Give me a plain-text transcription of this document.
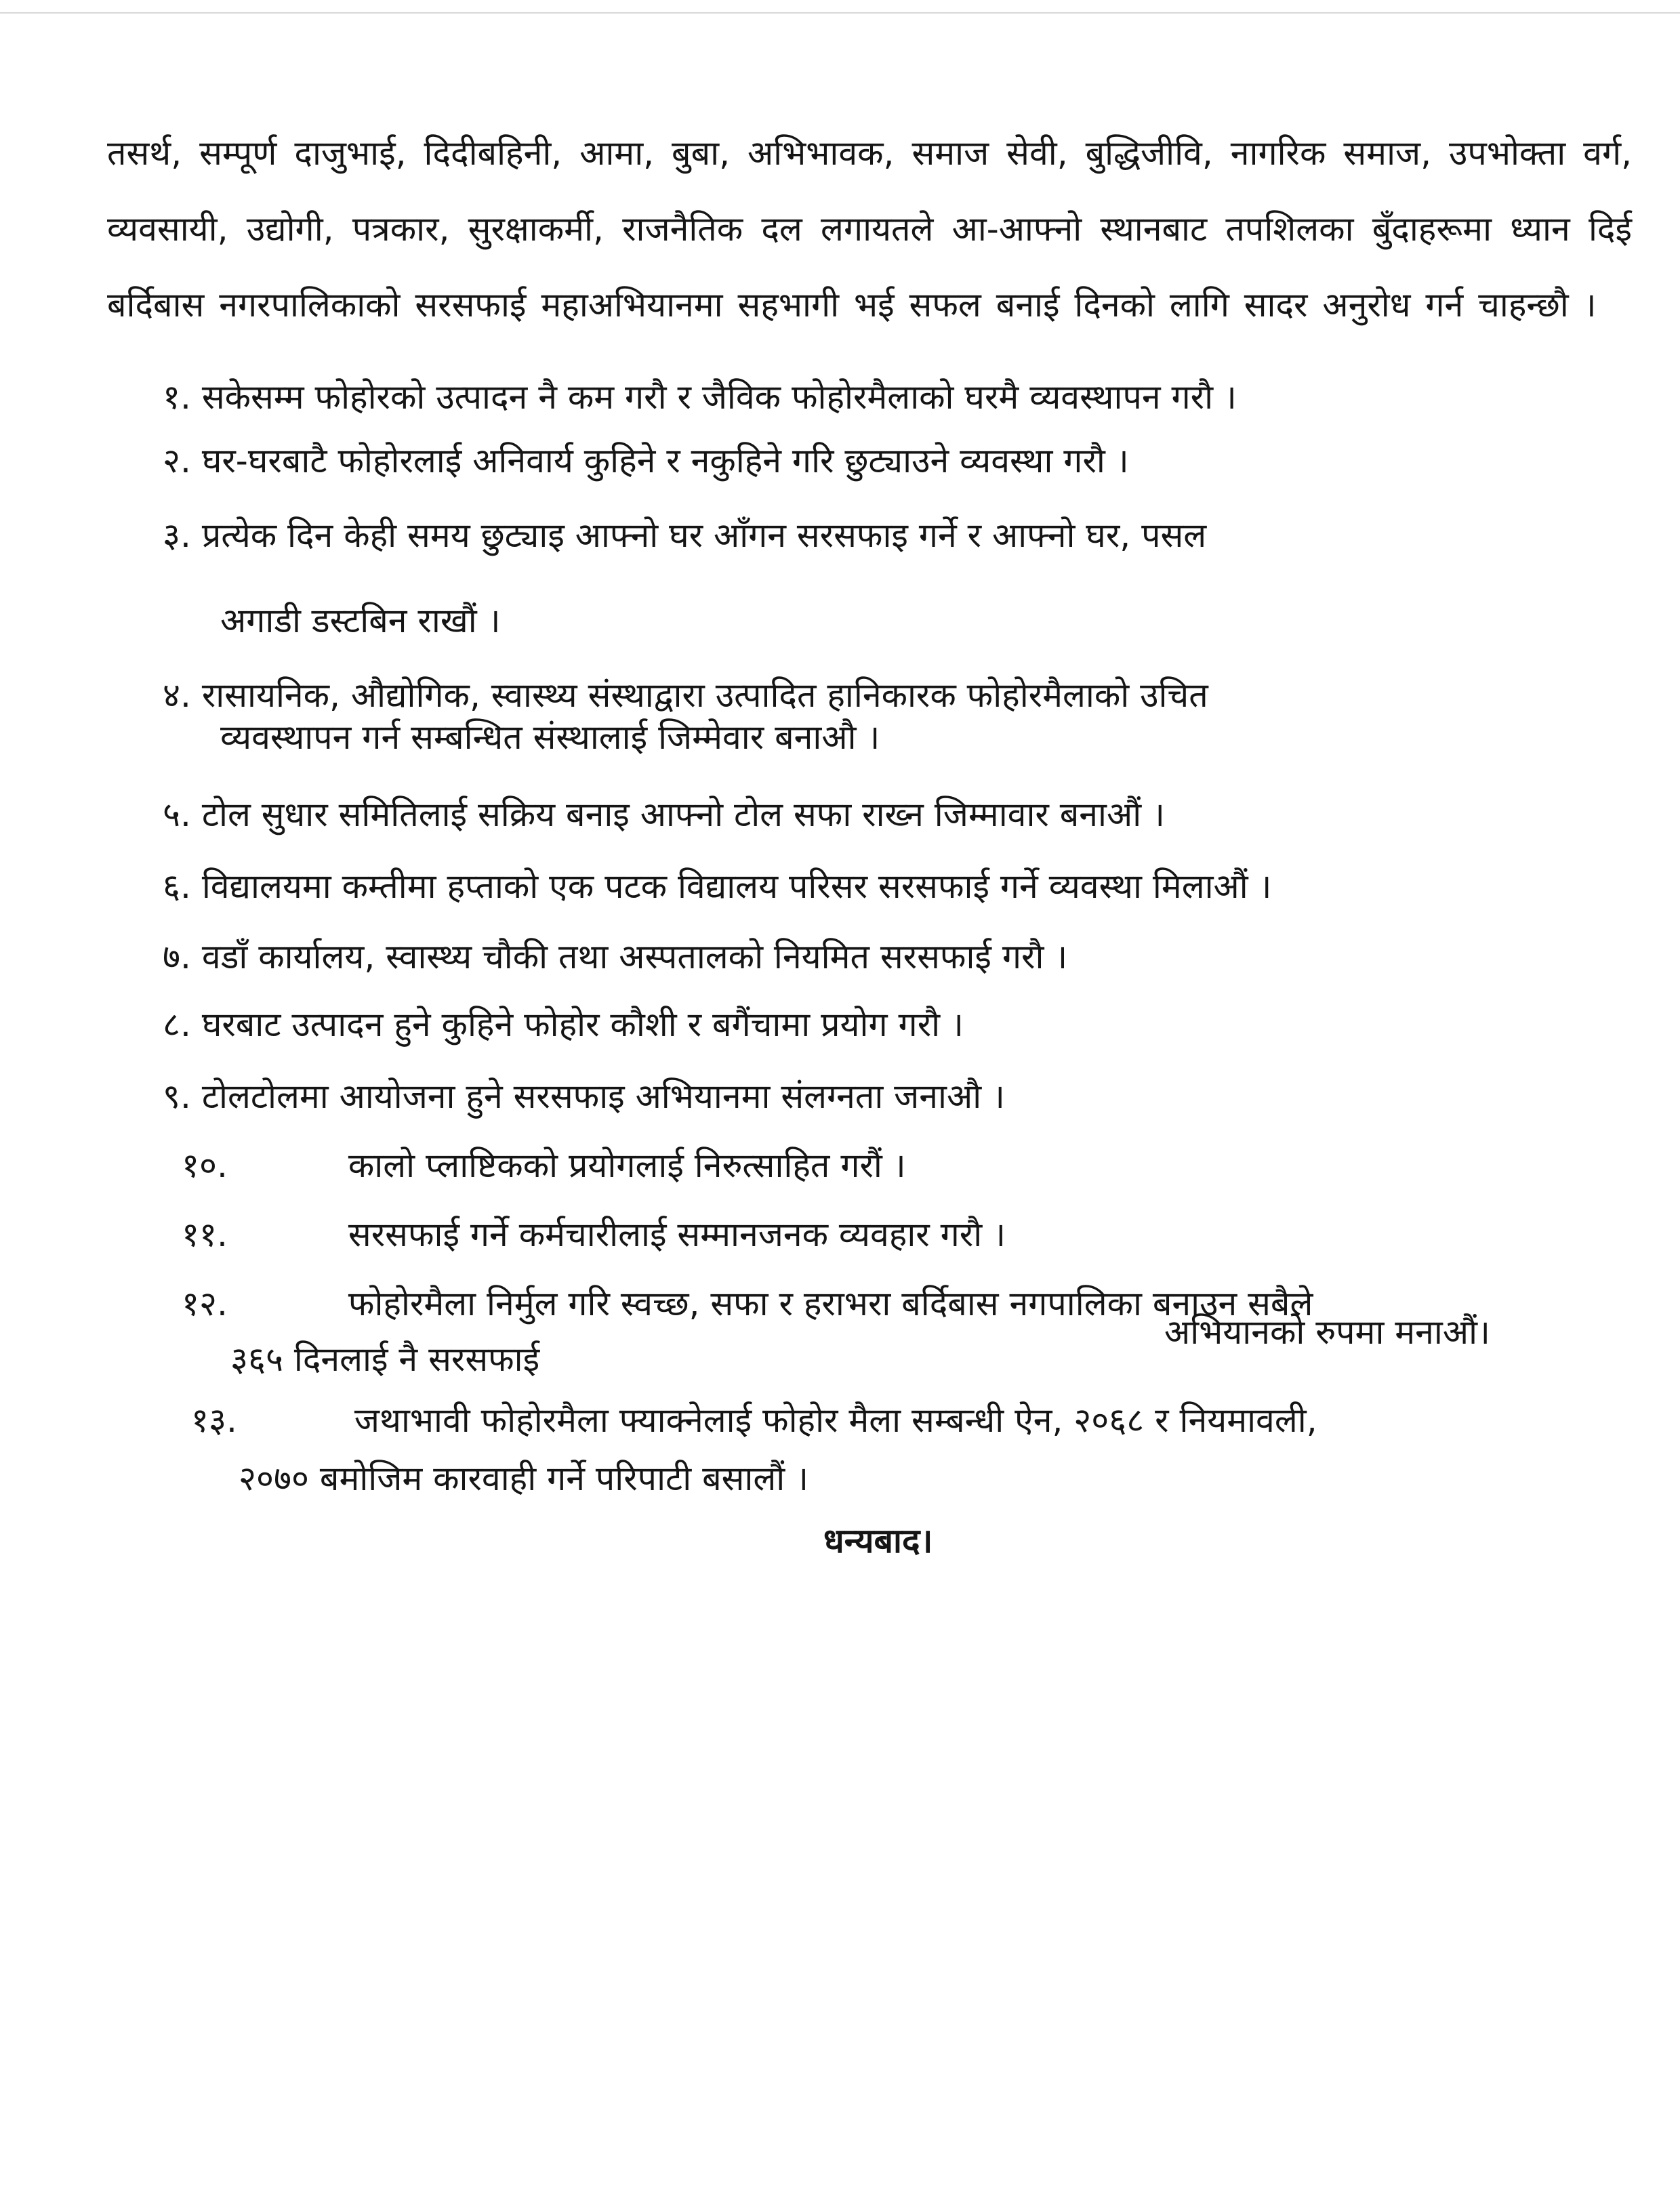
तसर्थ, सम्पूर्ण दाजुभाई, दिदीबहिनी, आमा, बुबा, अभिभावक, समाज सेवी, बुद्धिजीवि, नागरिक समाज, उपभोक्ता वर्ग, व्यवसायी, उद्योगी, पत्रकार, सुरक्षाकर्मी, राजनैतिक दल लगायतले आ-आफ्नो स्थानबाट तपशिलका बुँदाहरूमा ध्यान दिई बर्दिबास नगरपालिकाको सरसफाई महाअभियानमा सहभागी भई सफल बनाई दिनको लागि सादर अनुरोध गर्न चाहन्छौ ।
१. सकेसम्म फोहोरको उत्पादन नै कम गरौ र जैविक फोहोरमैलाको घरमै व्यवस्थापन गरौ ।
२. घर-घरबाटै फोहोरलाई अनिवार्य कुहिने र नकुहिने गरि छुट्याउने व्यवस्था गरौ ।
३. प्रत्येक दिन केही समय छुट्याइ आफ्नो घर आँगन सरसफाइ गर्ने र आफ्नो घर, पसल
अगाडी डस्टबिन राखौं ।
४. रासायनिक, औद्योगिक, स्वास्थ्य संस्थाद्वारा उत्पादित हानिकारक फोहोरमैलाको उचित
व्यवस्थापन गर्न सम्बन्धित संस्थालाई जिम्मेवार बनाऔ ।
५. टोल सुधार समितिलाई सक्रिय बनाइ आफ्नो टोल सफा राख्न जिम्मावार बनाऔं ।
६. विद्यालयमा कम्तीमा हप्ताको एक पटक विद्यालय परिसर सरसफाई गर्ने व्यवस्था मिलाऔं ।
७. वडाँ कार्यालय, स्वास्थ्य चौकी तथा अस्पतालको नियमित सरसफाई गरौ ।
८. घरबाट उत्पादन हुने कुहिने फोहोर कौशी र बगैंचामा प्रयोग गरौ ।
९. टोलटोलमा आयोजना हुने सरसफाइ अभियानमा संलग्नता जनाऔ ।
१०.	कालो प्लाष्टिकको प्रयोगलाई निरुत्साहित गरौं ।
११.	सरसफाई गर्ने कर्मचारीलाई सम्मानजनक व्यवहार गरौ ।
१२.	फोहोरमैला निर्मुल गरि स्वच्छ, सफा र हराभरा बर्दिबास नगपालिका बनाउन सबैले
३६५ दिनलाई नै सरसफाई
अभियानको रुपमा मनाऔं।
१३.	जथाभावी फोहोरमैला फ्याक्नेलाई फोहोर मैला सम्बन्धी ऐन, २०६८ र नियमावली,
२०७० बमोजिम कारवाही गर्ने परिपाटी बसालौं ।
धन्यबाद।
